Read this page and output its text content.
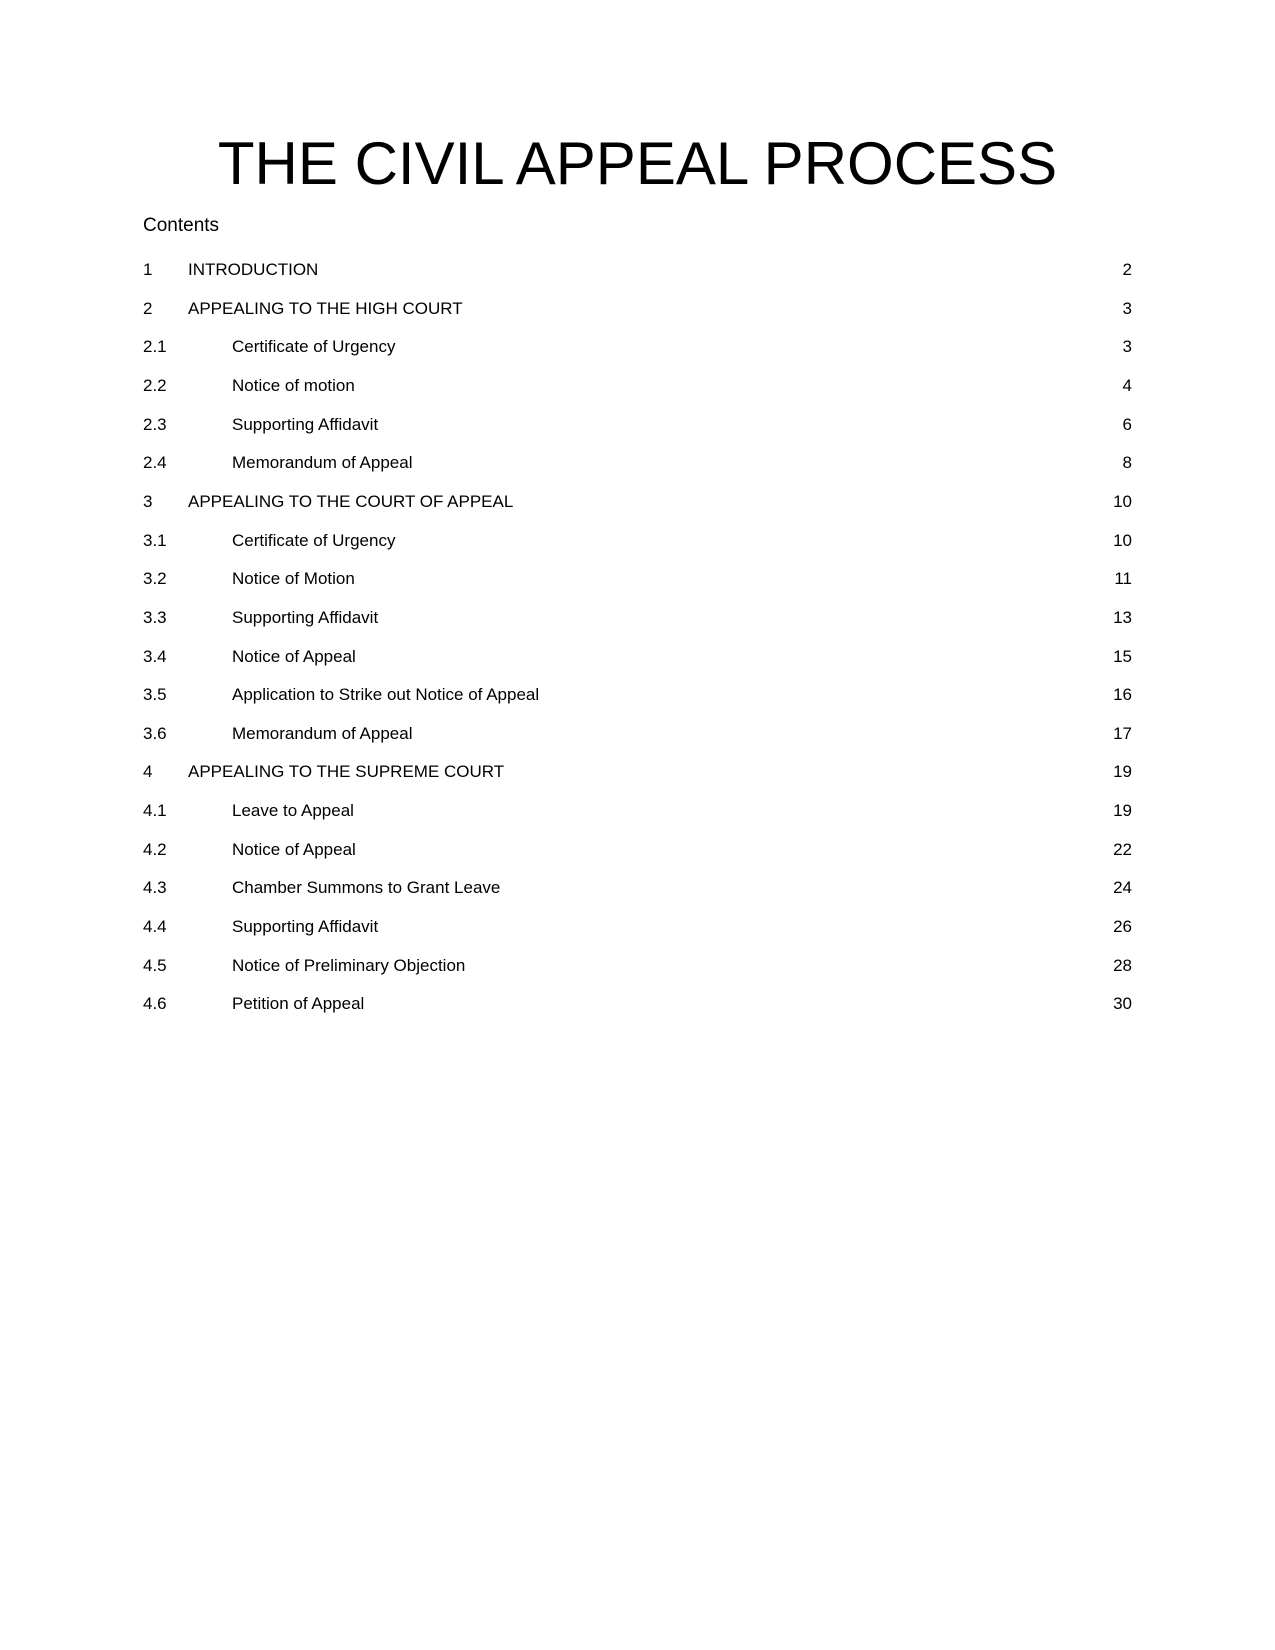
THE CIVIL APPEAL PROCESS
Contents
1	INTRODUCTION	2
2	APPEALING TO THE HIGH COURT	3
2.1	Certificate of Urgency	3
2.2	Notice of motion	4
2.3	Supporting Affidavit	6
2.4	Memorandum of Appeal	8
3	APPEALING TO THE COURT OF APPEAL	10
3.1	Certificate of Urgency	10
3.2	Notice of Motion	11
3.3	Supporting Affidavit	13
3.4	Notice of Appeal	15
3.5	Application to Strike out Notice of Appeal	16
3.6	Memorandum of Appeal	17
4	APPEALING TO THE SUPREME COURT	19
4.1	Leave to Appeal	19
4.2	Notice of Appeal	22
4.3	Chamber Summons to Grant Leave	24
4.4	Supporting Affidavit	26
4.5	Notice of Preliminary Objection	28
4.6	Petition of Appeal	30
